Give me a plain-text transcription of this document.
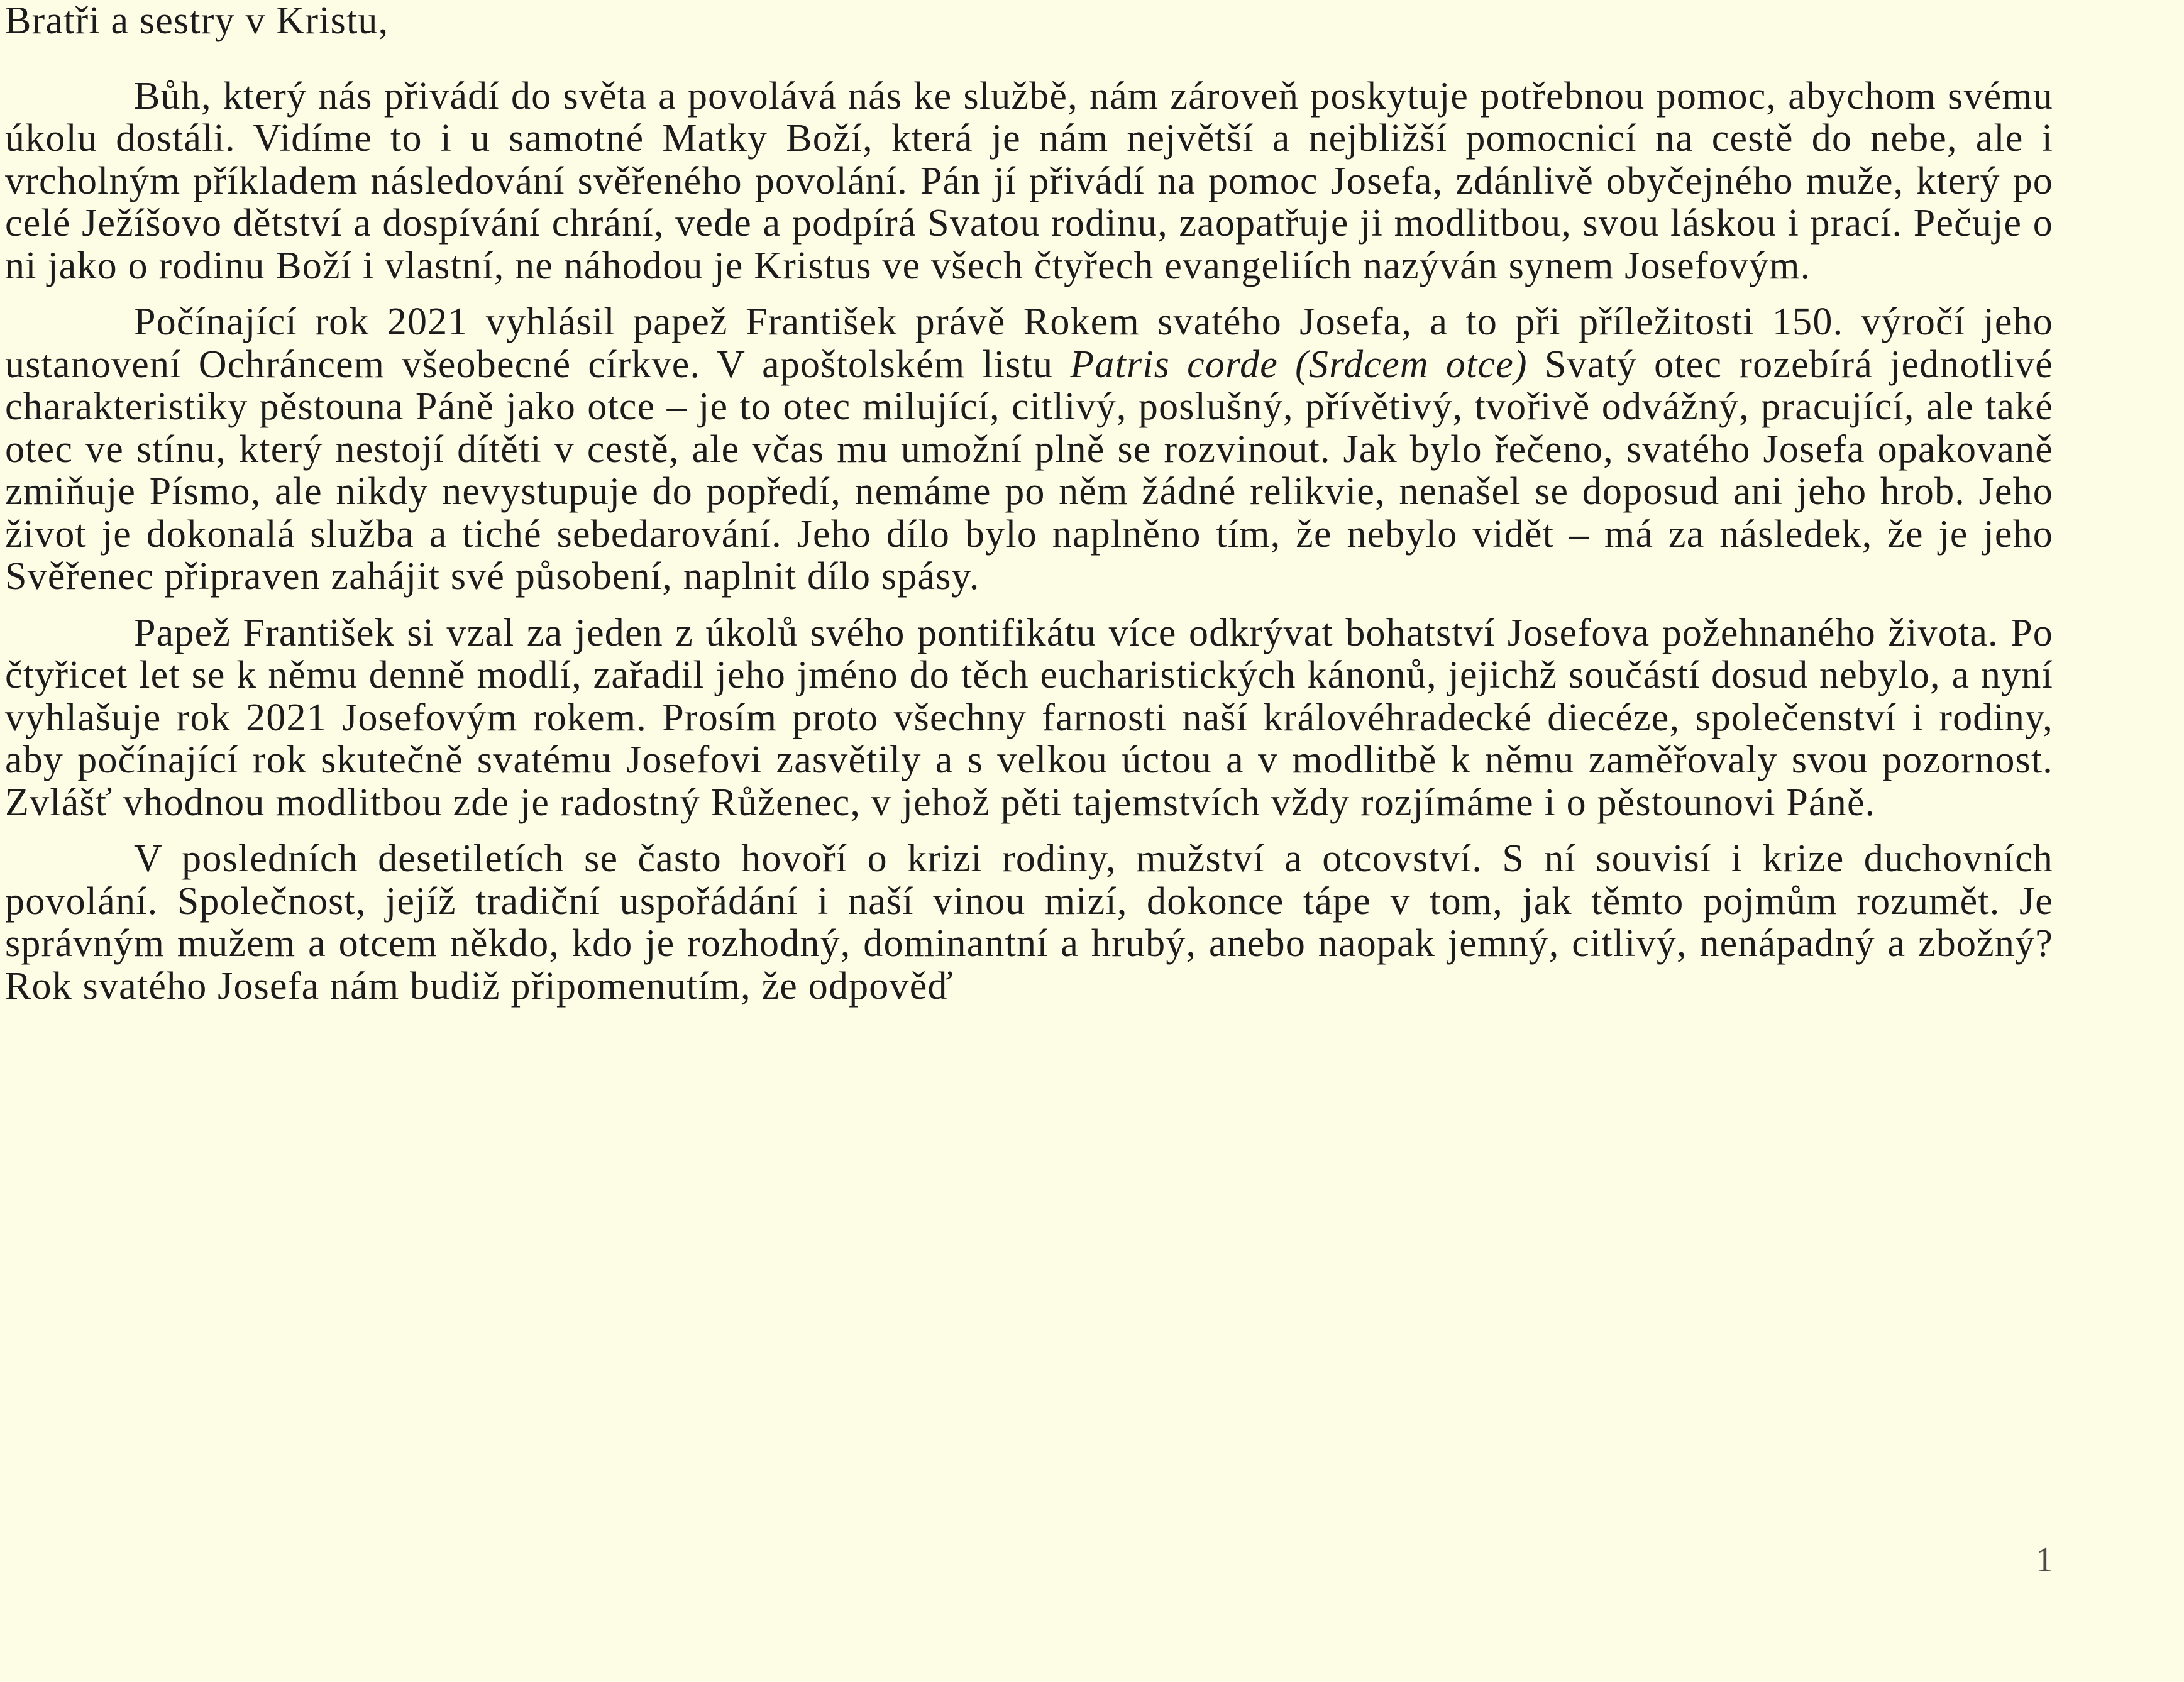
Bratři a sestry v Kristu,

Bůh, který nás přivádí do světa a povolává nás ke službě, nám zároveň poskytuje potřebnou pomoc, abychom svému úkolu dostáli. Vidíme to i u samotné Matky Boží, která je nám největší a nejbližší pomocnicí na cestě do nebe, ale i vrcholným příkladem následování svěřeného povolání. Pán jí přivádí na pomoc Josefa, zdánlivě obyčejného muže, který po celé Ježíšovo dětství a dospívání chrání, vede a podpírá Svatou rodinu, zaopatřuje ji modlitbou, svou láskou i prací. Pečuje o ni jako o rodinu Boží i vlastní, ne náhodou je Kristus ve všech čtyřech evangeliích nazýván synem Josefovým.

Počínající rok 2021 vyhlásil papež František právě Rokem svatého Josefa, a to při příležitosti 150. výročí jeho ustanovení Ochráncem všeobecné církve. V apoštolském listu Patris corde (Srdcem otce) Svatý otec rozebírá jednotlivé charakteristiky pěstouna Páně jako otce – je to otec milující, citlivý, poslušný, přívětivý, tvořivě odvážný, pracující, ale také otec ve stínu, který nestojí dítěti v cestě, ale včas mu umožní plně se rozvinout. Jak bylo řečeno, svatého Josefa opakovaně zmiňuje Písmo, ale nikdy nevystupuje do popředí, nemáme po něm žádné relikvie, nenašel se doposud ani jeho hrob. Jeho život je dokonalá služba a tiché sebedarování. Jeho dílo bylo naplněno tím, že nebylo vidět – má za následek, že je jeho Svěřenec připraven zahájit své působení, naplnit dílo spásy.

Papež František si vzal za jeden z úkolů svého pontifikátu více odkrývat bohatství Josefova požehnaného života. Po čtyřicet let se k němu denně modlí, zařadil jeho jméno do těch eucharistických kánonů, jejichž součástí dosud nebylo, a nyní vyhlašuje rok 2021 Josefovým rokem. Prosím proto všechny farnosti naší královéhradecké diecéze, společenství i rodiny, aby počínající rok skutečně svatému Josefovi zasvětily a s velkou úctou a v modlitbě k němu zaměřovaly svou pozornost. Zvlášť vhodnou modlitbou zde je radostný Růženec, v jehož pěti tajemstvích vždy rozjímáme i o pěstounovi Páně.

V posledních desetiletích se často hovoří o krizi rodiny, mužství a otcovství. S ní souvisí i krize duchovních povolání. Společnost, jejíž tradiční uspořádání i naší vinou mizí, dokonce tápe v tom, jak těmto pojmům rozumět. Je správným mužem a otcem někdo, kdo je rozhodný, dominantní a hrubý, anebo naopak jemný, citlivý, nenápadný a zbožný? Rok svatého Josefa nám budiž připomenutím, že odpověď

1
